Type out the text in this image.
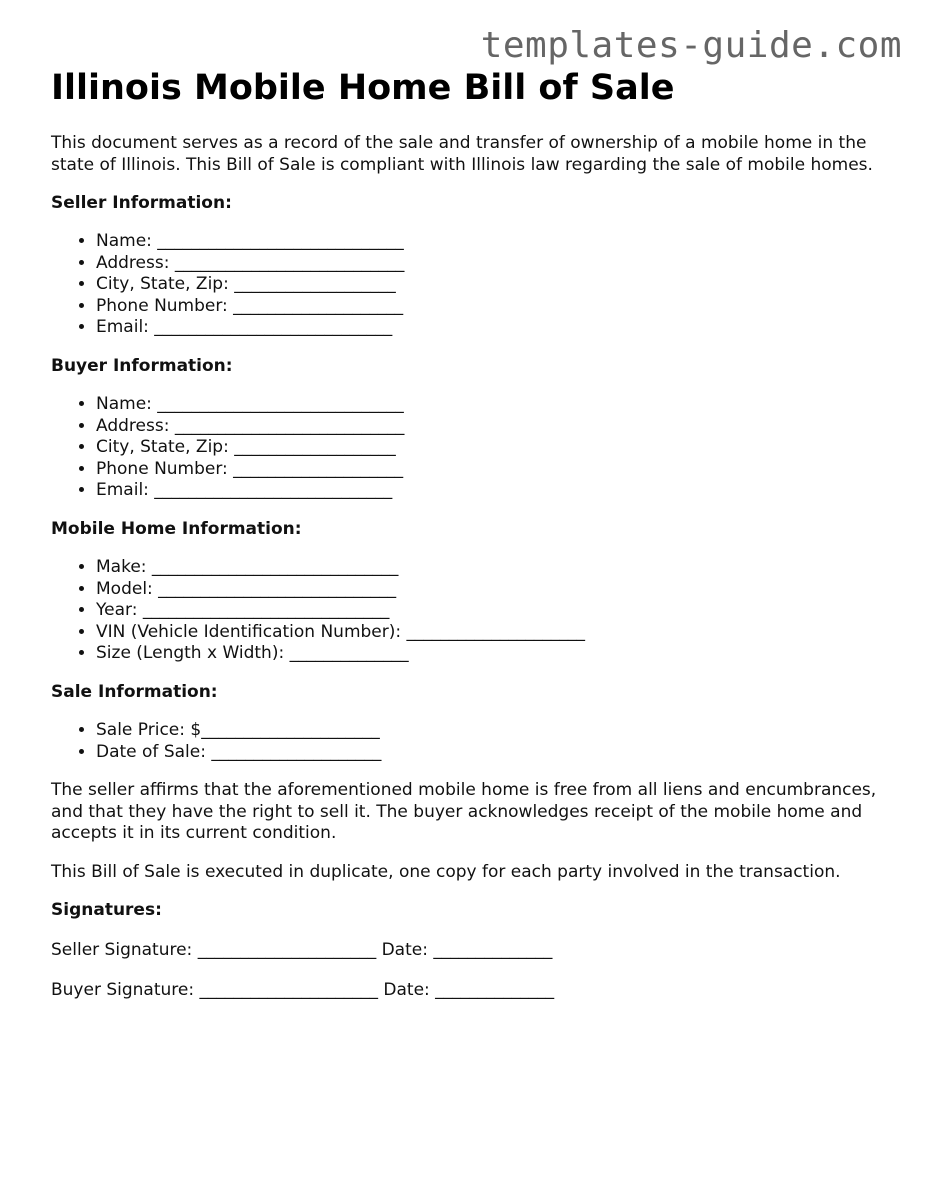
templates-guide.com
Illinois Mobile Home Bill of Sale

This document serves as a record of the sale and transfer of ownership of a mobile home in the state of Illinois. This Bill of Sale is compliant with Illinois law regarding the sale of mobile homes.

Seller Information:
• Name: _____________________________
• Address: ___________________________
• City, State, Zip: ___________________
• Phone Number: ____________________
• Email: ____________________________
Buyer Information:
• Name: _____________________________
• Address: ___________________________
• City, State, Zip: ___________________
• Phone Number: ____________________
• Email: ____________________________
Mobile Home Information:
• Make: _____________________________
• Model: ____________________________
• Year: _____________________________
• VIN (Vehicle Identification Number): _____________________
• Size (Length x Width): ______________
Sale Information:
• Sale Price: $_____________________
• Date of Sale: ____________________

The seller affirms that the aforementioned mobile home is free from all liens and encumbrances, and that they have the right to sell it. The buyer acknowledges receipt of the mobile home and accepts it in its current condition.

This Bill of Sale is executed in duplicate, one copy for each party involved in the transaction.

Signatures:
Seller Signature: _____________________ Date: ______________
Buyer Signature: _____________________ Date: ______________
